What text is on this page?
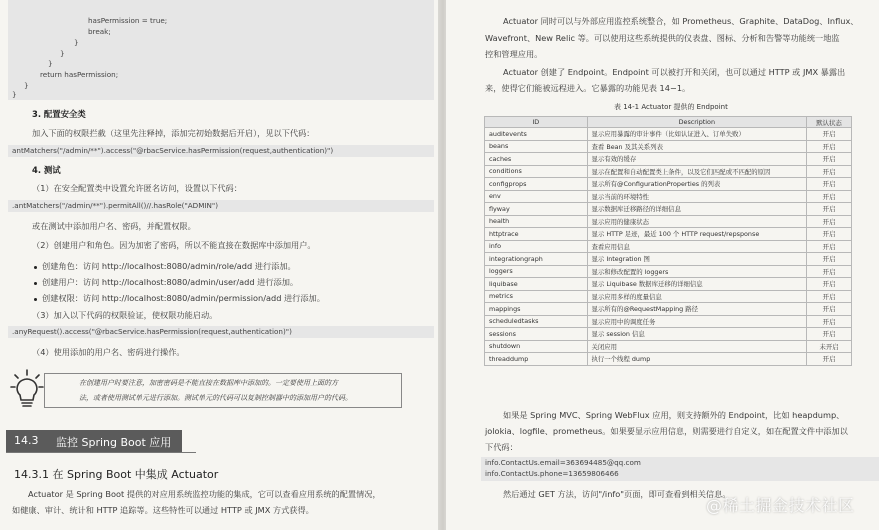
hasPermission = true;
break;
}
}
}
return hasPermission;
}
}
3. 配置安全类
加入下面的权限拦截（这里先注释掉，添加完初始数据后开启），见以下代码：
antMatchers("/admin/**").access("@rbacService.hasPermission(request,authentication)")
4. 测试
（1）在安全配置类中设置允许匿名访问，设置以下代码：
.antMatchers("/admin/**").permitAll()//.hasRole("ADMIN")
或在测试中添加用户名、密码，并配置权限。
（2）创建用户和角色。因为加密了密码，所以不能直接在数据库中添加用户。
创建角色：访问 http://localhost:8080/admin/role/add 进行添加。
创建用户：访问 http://localhost:8080/admin/user/add 进行添加。
创建权限：访问 http://localhost:8080/admin/permission/add 进行添加。
（3）加入以下代码的权限验证，使权限功能启动。
.anyRequest().access("@rbacService.hasPermission(request,authentication)")
（4）使用添加的用户名、密码进行操作。
在创建用户时要注意，加密密码是不能直接在数据库中添加的。一定要使用上面的方
法，或者使用测试单元进行添加。测试单元的代码可以复制控制器中的添加用户的代码。
14.3 监控 Spring Boot 应用
14.3.1 在 Spring Boot 中集成 Actuator
Actuator 是 Spring Boot 提供的对应用系统监控功能的集成，它可以查看应用系统的配置情况，
如健康、审计、统计和 HTTP 追踪等。这些特性可以通过 HTTP 或 JMX 方式获得。
Actuator 同时可以与外部应用监控系统整合，如 Prometheus、Graphite、DataDog、Influx、
Wavefront、New Relic 等。可以使用这些系统提供的仪表盘、图标、分析和告警等功能统一地监
控和管理应用。
Actuator 创建了 Endpoint。Endpoint 可以被打开和关闭，也可以通过 HTTP 或 JMX 暴露出
来，使得它们能被远程进入。它暴露的功能见表 14−1。
表 14-1 Actuator 提供的 Endpoint
ID	Description	默认状态
auditevents	显示应用暴露的审计事件（比如认证进入、订单失败）	开启
beans	查看 Bean 及其关系列表	开启
caches	显示有效的缓存	开启
conditions	显示在配置和自动配置类上条件，以及它们匹配或不匹配的原因	开启
configprops	显示所有@ConfigurationProperties 的列表	开启
env	显示当前的环境特性	开启
flyway	显示数据库迁移路径的详细信息	开启
health	显示应用的健康状态	开启
httptrace	显示 HTTP 足迹，最近 100 个 HTTP request/repsponse	开启
info	查看应用信息	开启
integrationgraph	显示 Integration 图	开启
loggers	显示和修改配置的 loggers	开启
liquibase	显示 Liquibase 数据库迁移的详细信息	开启
metrics	显示应用多样的度量信息	开启
mappings	显示所有的@RequestMapping 路径	开启
scheduledtasks	显示应用中的调度任务	开启
sessions	显示 session 信息	开启
shutdown	关闭应用	未开启
threaddump	执行一个线程 dump	开启
如果是 Spring MVC、Spring WebFlux 应用，则支持额外的 Endpoint，比如 heapdump、
jolokia、logfile、prometheus。如果要显示应用信息，则需要进行自定义，如在配置文件中添加以
下代码：
info.ContactUs.email=363694485@qq.com
info.ContactUs.phone=13659806466
然后通过 GET 方法，访问"/info"页面，即可查看到相关信息。
@稀土掘金技术社区
